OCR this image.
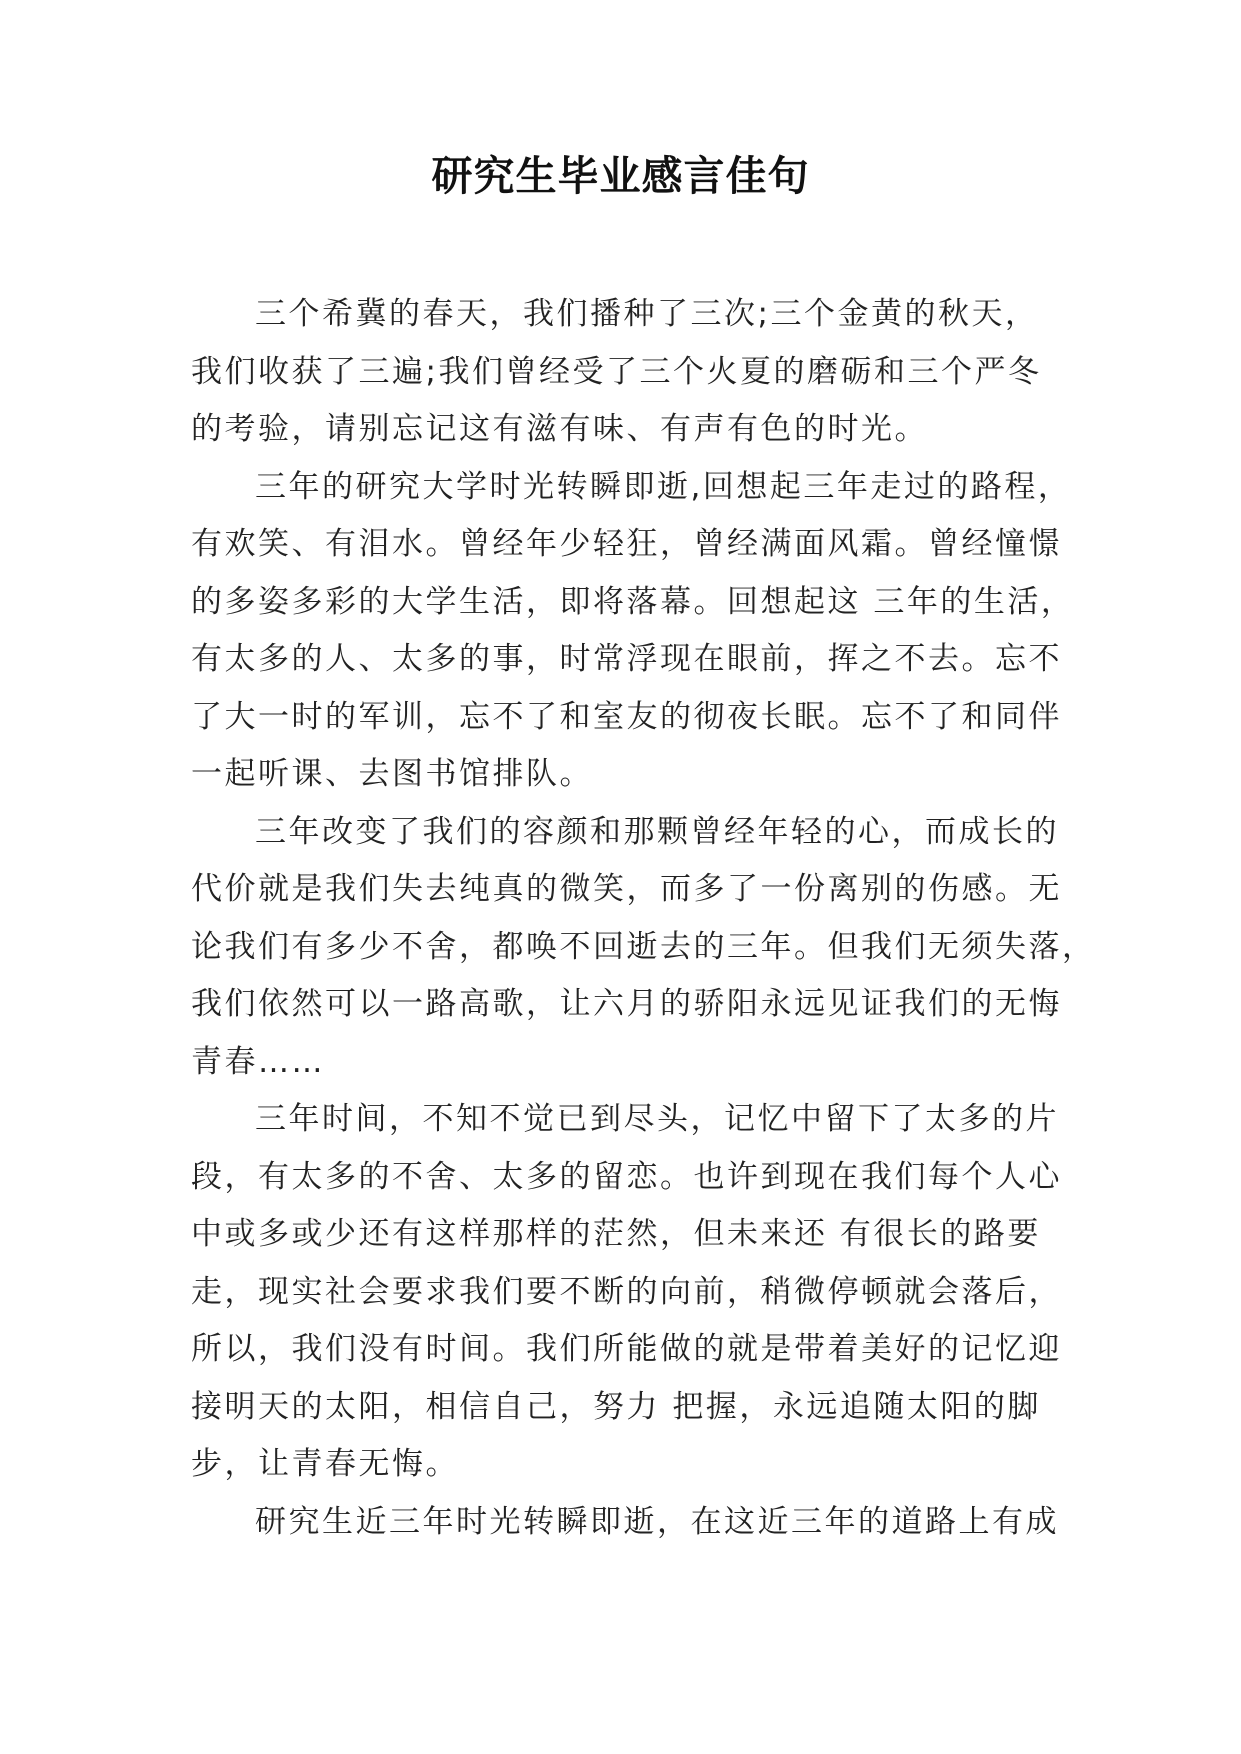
研究生毕业感言佳句
三个希冀的春天，我们播种了三次;三个金黄的秋天，
我们收获了三遍;我们曾经受了三个火夏的磨砺和三个严冬
的考验，请别忘记这有滋有味、有声有色的时光。
三年的研究大学时光转瞬即逝,回想起三年走过的路程，
有欢笑、有泪水。曾经年少轻狂，曾经满面风霜。曾经憧憬
的多姿多彩的大学生活，即将落幕。回想起这 三年的生活，
有太多的人、太多的事，时常浮现在眼前，挥之不去。忘不
了大一时的军训，忘不了和室友的彻夜长眠。忘不了和同伴
一起听课、去图书馆排队。
三年改变了我们的容颜和那颗曾经年轻的心，而成长的
代价就是我们失去纯真的微笑，而多了一份离别的伤感。无
论我们有多少不舍，都唤不回逝去的三年。但我们无须失落，
我们依然可以一路高歌，让六月的骄阳永远见证我们的无悔
青春……
三年时间，不知不觉已到尽头，记忆中留下了太多的片
段，有太多的不舍、太多的留恋。也许到现在我们每个人心
中或多或少还有这样那样的茫然，但未来还 有很长的路要
走，现实社会要求我们要不断的向前，稍微停顿就会落后，
所以，我们没有时间。我们所能做的就是带着美好的记忆迎
接明天的太阳，相信自己，努力 把握，永远追随太阳的脚
步，让青春无悔。
研究生近三年时光转瞬即逝，在这近三年的道路上有成
